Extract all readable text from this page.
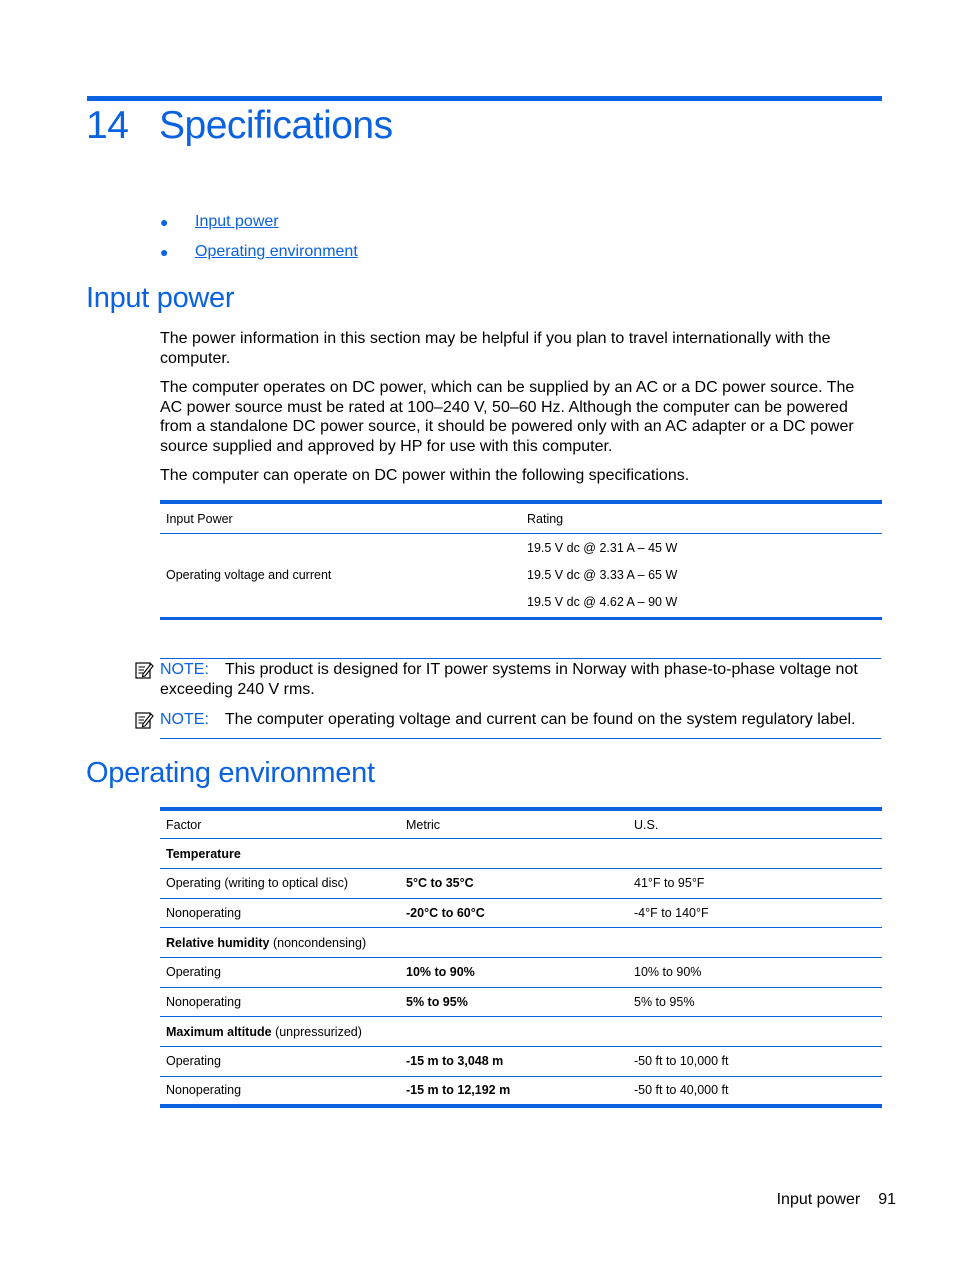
14 Specifications
● Input power
● Operating environment
Input power

The power information in this section may be helpful if you plan to travel internationally with the computer.

The computer operates on DC power, which can be supplied by an AC or a DC power source. The AC power source must be rated at 100–240 V, 50–60 Hz. Although the computer can be powered from a standalone DC power source, it should be powered only with an AC adapter or a DC power source supplied and approved by HP for use with this computer.

The computer can operate on DC power within the following specifications.

Input Power	Rating

Operating voltage and current	19.5 V dc @ 2.31 A – 45 W
19.5 V dc @ 3.33 A – 65 W
19.5 V dc @ 4.62 A – 90 W
NOTE: This product is designed for IT power systems in Norway with phase-to-phase voltage not exceeding 240 V rms.
NOTE: The computer operating voltage and current can be found on the system regulatory label.
Operating environment
Factor	Metric	U.S.
Temperature		
Operating (writing to optical disc)	5°C to 35°C	41°F to 95°F
Nonoperating	-20°C to 60°C	-4°F to 140°F
Relative humidity (noncondensing)		
Operating	10% to 90%	10% to 90%
Nonoperating	5% to 95%	5% to 95%
Maximum altitude (unpressurized)		
Operating	-15 m to 3,048 m	-50 ft to 10,000 ft
Nonoperating	-15 m to 12,192 m	-50 ft to 40,000 ft
Input power 91
